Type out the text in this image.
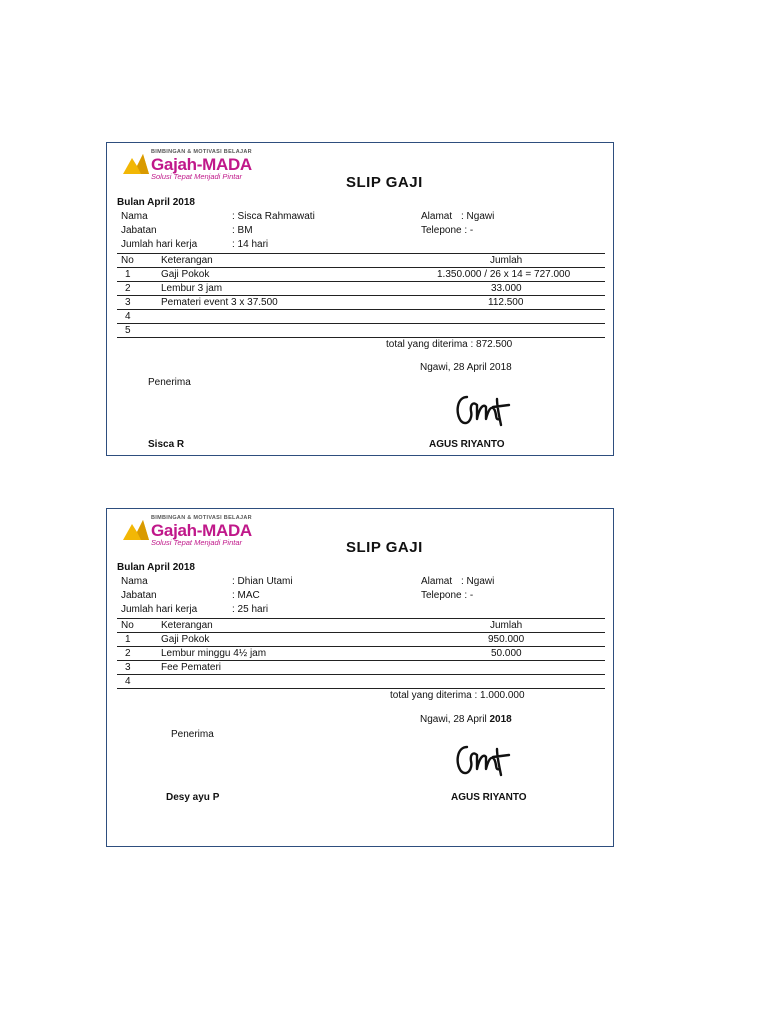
BIMBINGAN & MOTIVASI BELAJAR
Gajah-MADA
Solusi Tepat Menjadi Pintar	SLIP GAJI
Bulan April 2018
Nama	: Sisca Rahmawati	Alamat : Ngawi
Jabatan	: BM	Telepone : -
Jumlah hari kerja	: 14 hari
No	Keterangan	Jumlah
1	Gaji Pokok	1.350.000 / 26 x 14 = 727.000
2	Lembur 3 jam	33.000
3	Pemateri event 3 x 37.500	112.500
4
5
total yang diterima : 872.500
Ngawi, 28 April 2018
Penerima
Sisca R	AGUS RIYANTO
BIMBINGAN & MOTIVASI BELAJAR
Gajah-MADA
Solusi Tepat Menjadi Pintar	SLIP GAJI
Bulan April 2018
Nama	: Dhian Utami	Alamat : Ngawi
Jabatan	: MAC	Telepone : -
Jumlah hari kerja	: 25 hari
No	Keterangan	Jumlah
1	Gaji Pokok	950.000
2	Lembur minggu 4½ jam	50.000
3	Fee Pemateri
4
total yang diterima : 1.000.000
Ngawi, 28 April 2018
Penerima
Desy ayu P	AGUS RIYANTO
